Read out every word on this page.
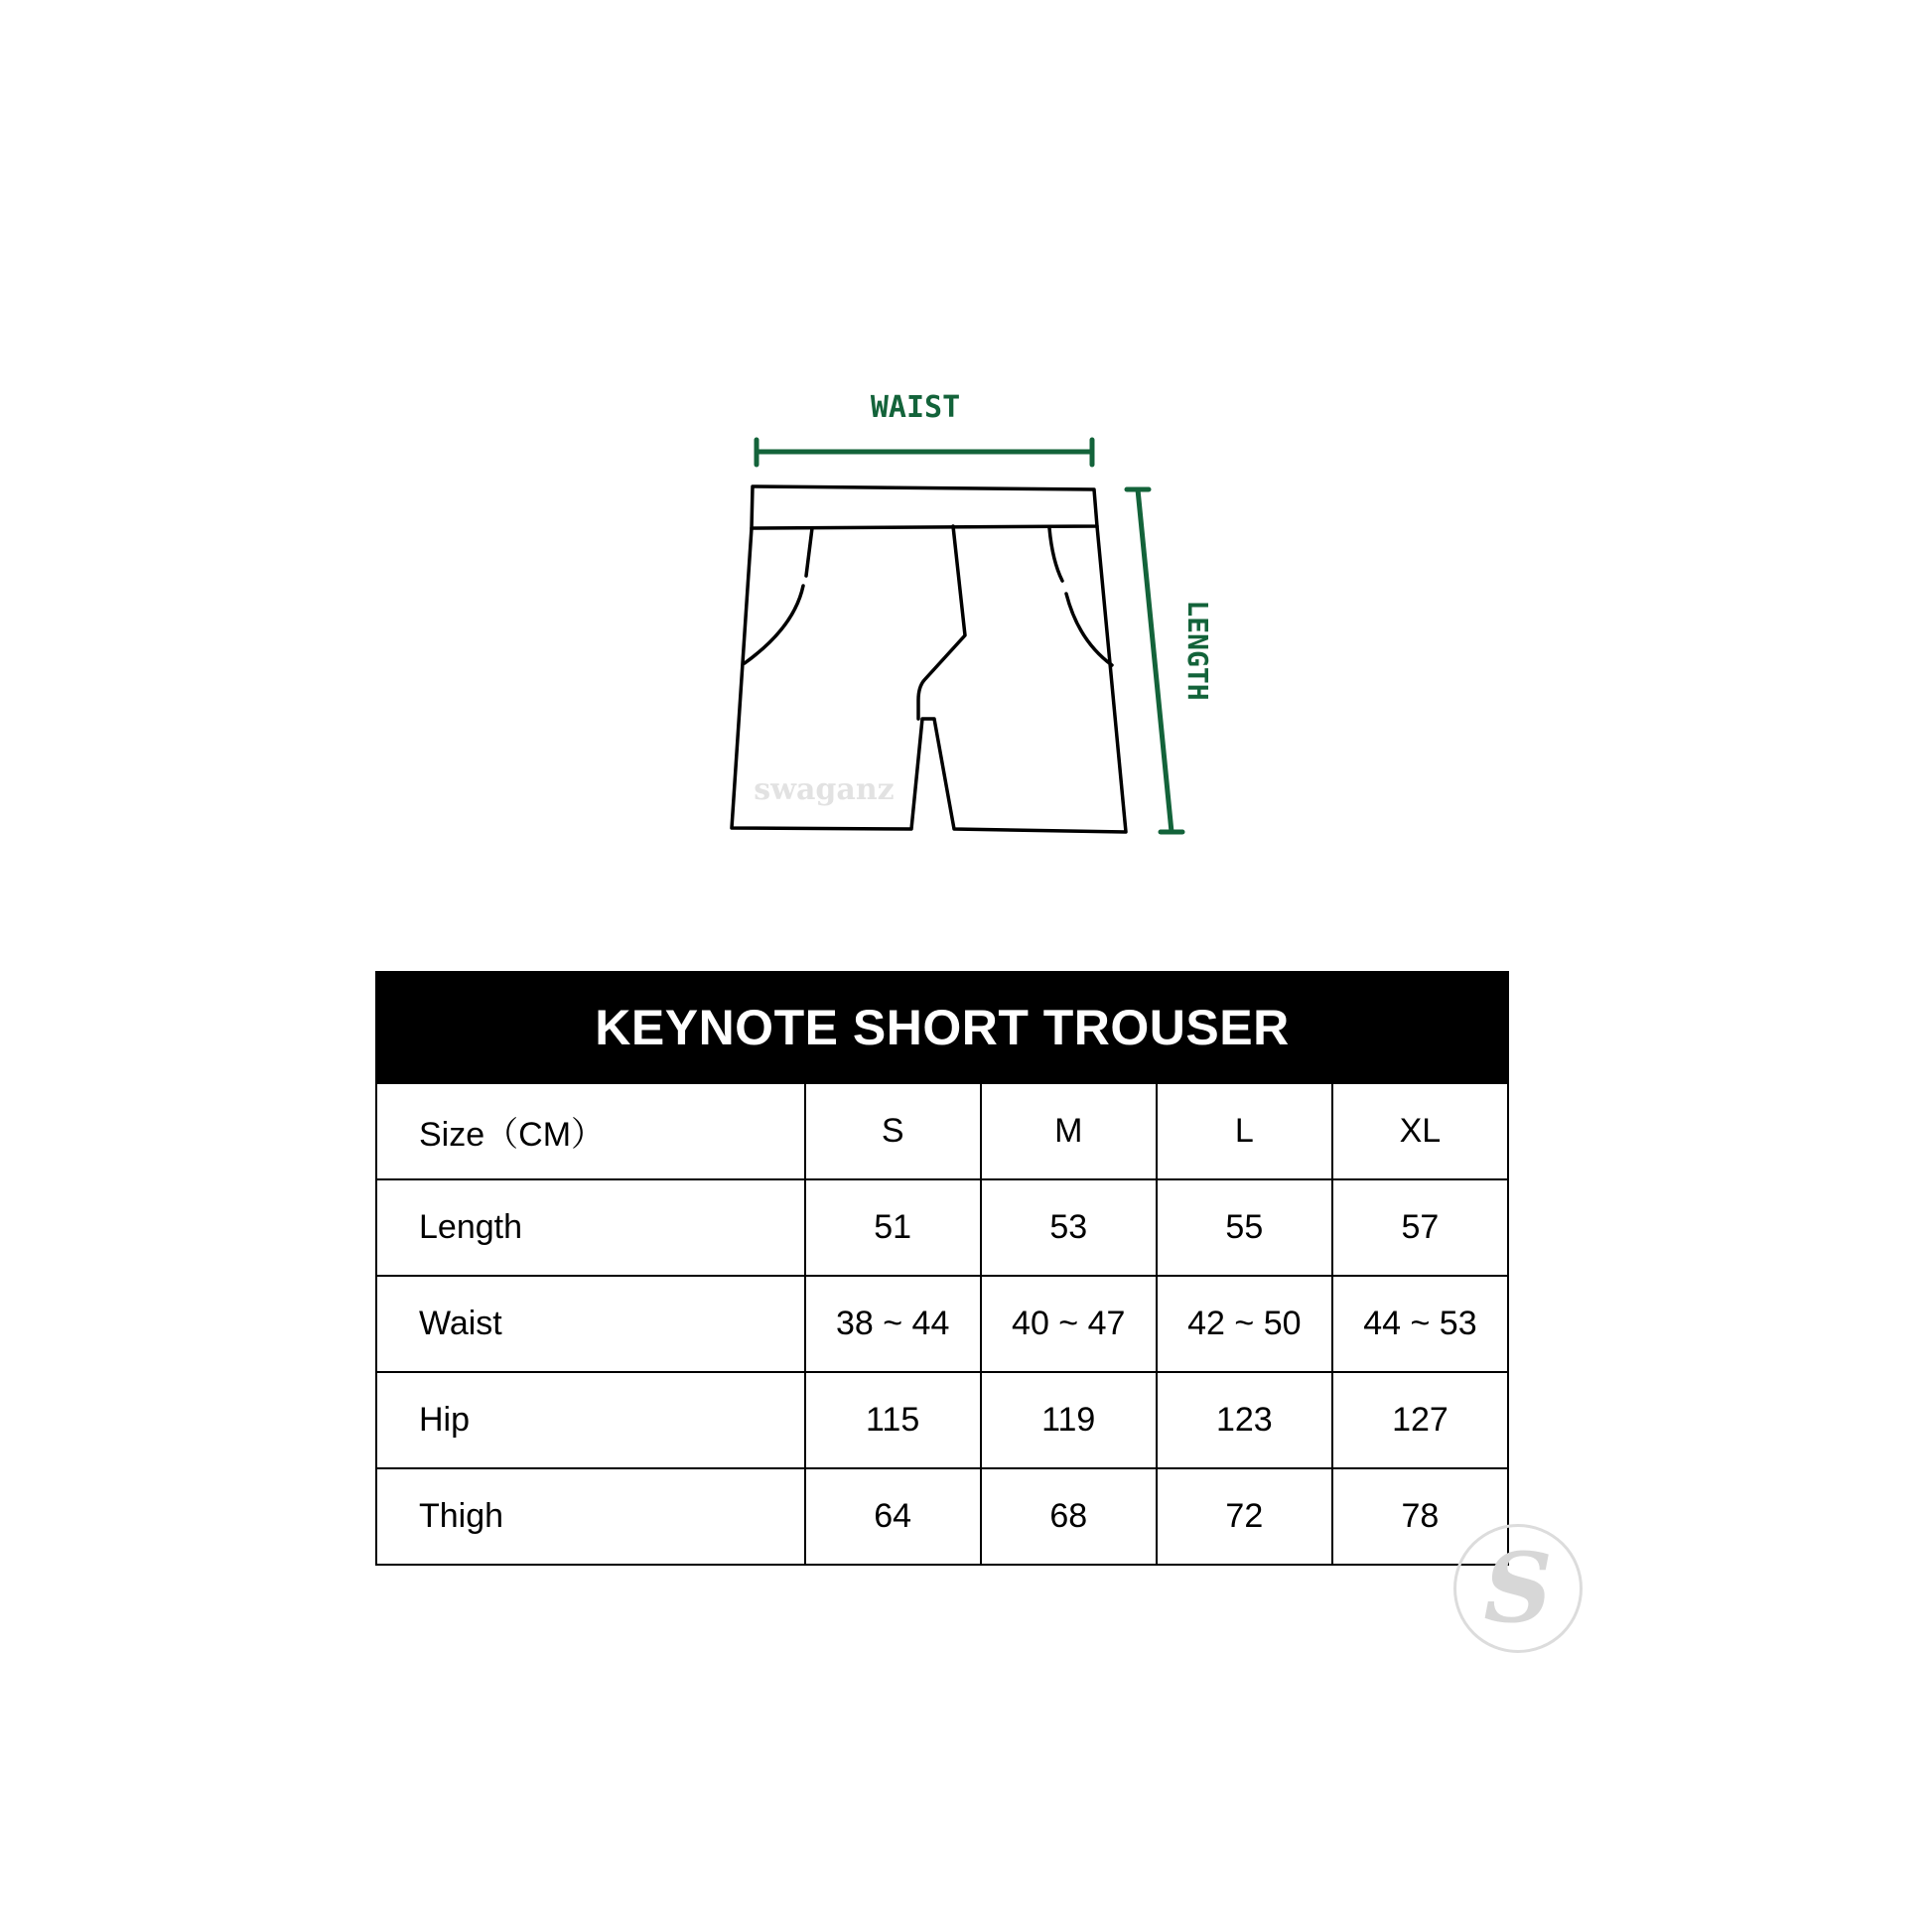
WAIST
LENGTH
swaganz
KEYNOTE SHORT TROUSER				
Size（CM）	S	M	L	XL
Length	51	53	55	57
Waist	38 ~ 44	40 ~ 47	42 ~ 50	44 ~ 53
Hip	115	119	123	127
Thigh	64	68	72	78
S
